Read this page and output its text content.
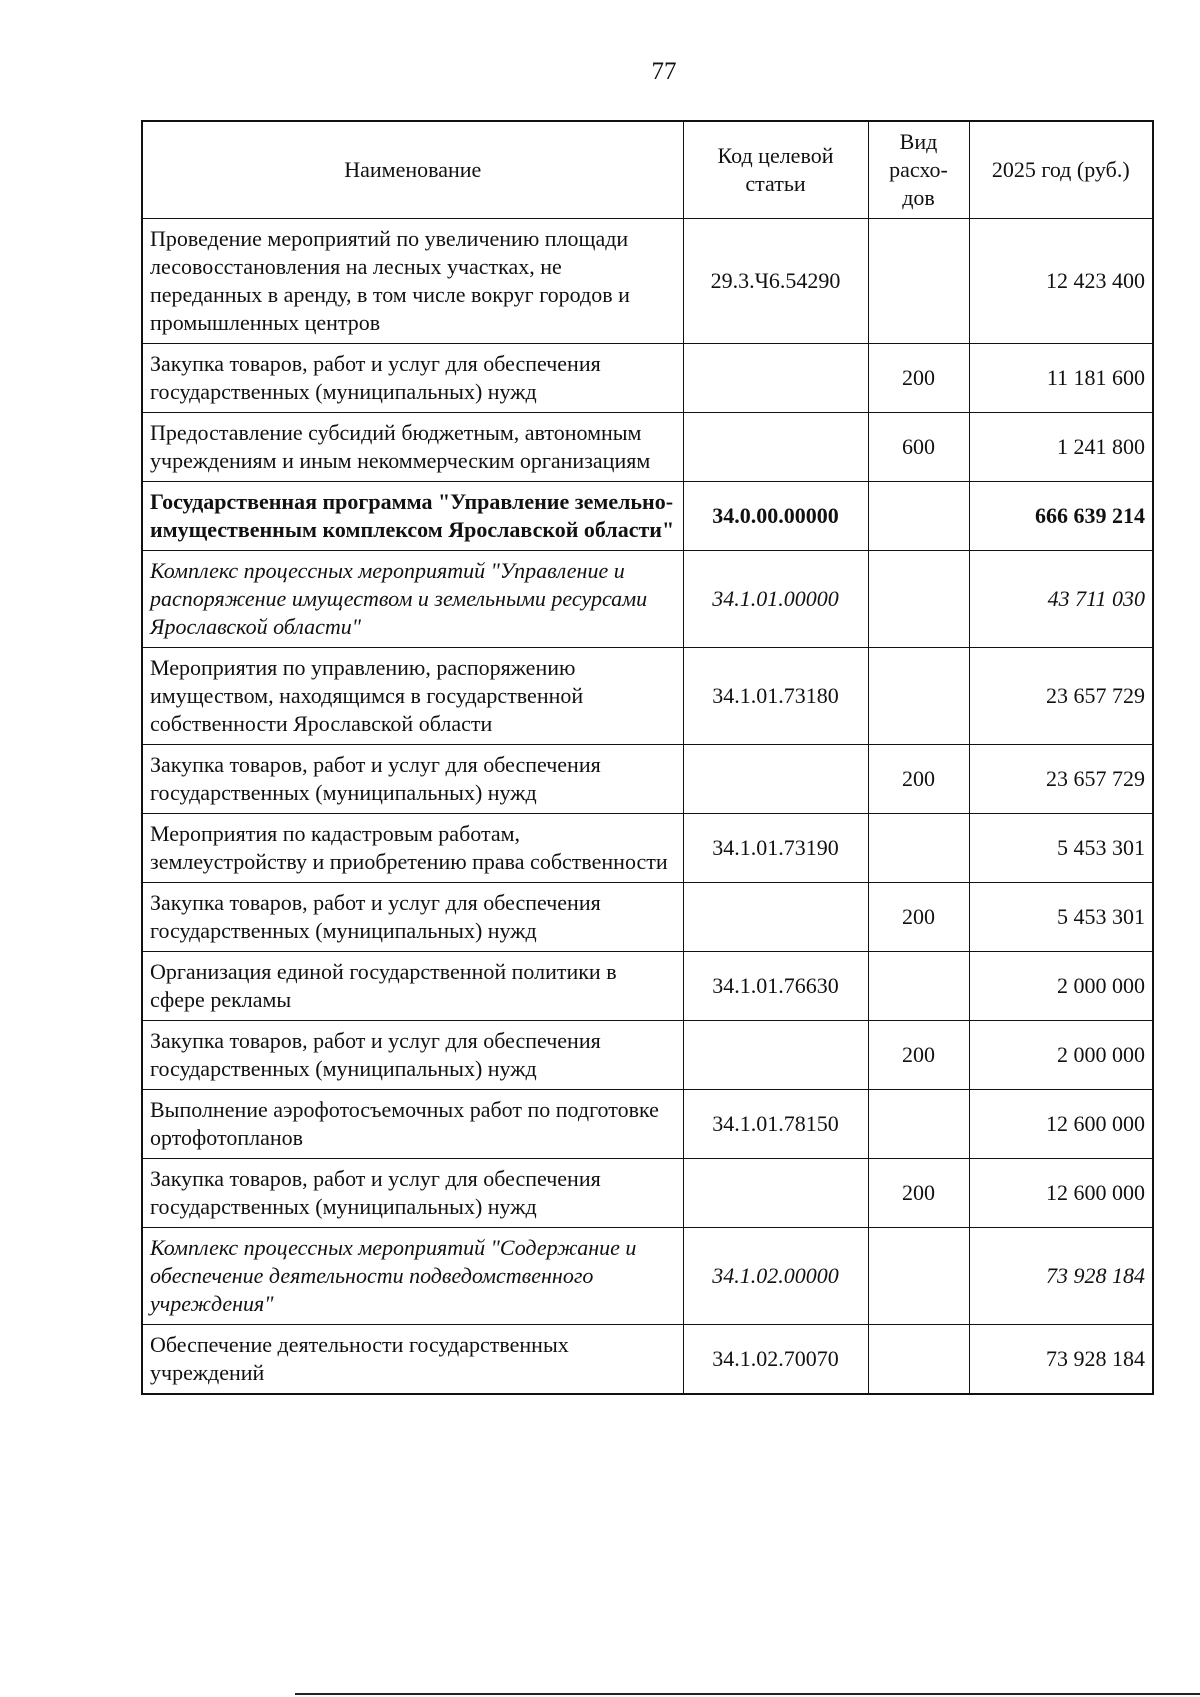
77
Наименование	Код целевой статьи	Вид расхо-дов	2025 год (руб.)
Проведение мероприятий по увеличению площади лесовосстановления на лесных участках, не переданных в аренду, в том числе вокруг городов и промышленных центров	29.3.Ч6.54290		12 423 400
Закупка товаров, работ и услуг для обеспечения государственных (муниципальных) нужд		200	11 181 600
Предоставление субсидий бюджетным, автономным учреждениям и иным некоммерческим организациям		600	1 241 800
Государственная программа "Управление земельно-имущественным комплексом Ярославской области"	34.0.00.00000		666 639 214
Комплекс процессных мероприятий "Управление и распоряжение имуществом и земельными ресурсами Ярославской области"	34.1.01.00000		43 711 030
Мероприятия по управлению, распоряжению имуществом, находящимся в государственной собственности Ярославской области	34.1.01.73180		23 657 729
Закупка товаров, работ и услуг для обеспечения государственных (муниципальных) нужд		200	23 657 729
Мероприятия по кадастровым работам, землеустройству и приобретению права собственности	34.1.01.73190		5 453 301
Закупка товаров, работ и услуг для обеспечения государственных (муниципальных) нужд		200	5 453 301
Организация единой государственной политики в сфере рекламы	34.1.01.76630		2 000 000
Закупка товаров, работ и услуг для обеспечения государственных (муниципальных) нужд		200	2 000 000
Выполнение аэрофотосъемочных работ по подготовке ортофотопланов	34.1.01.78150		12 600 000
Закупка товаров, работ и услуг для обеспечения государственных (муниципальных) нужд		200	12 600 000
Комплекс процессных мероприятий "Содержание и обеспечение деятельности подведомственного учреждения"	34.1.02.00000		73 928 184
Обеспечение деятельности государственных учреждений	34.1.02.70070		73 928 184
